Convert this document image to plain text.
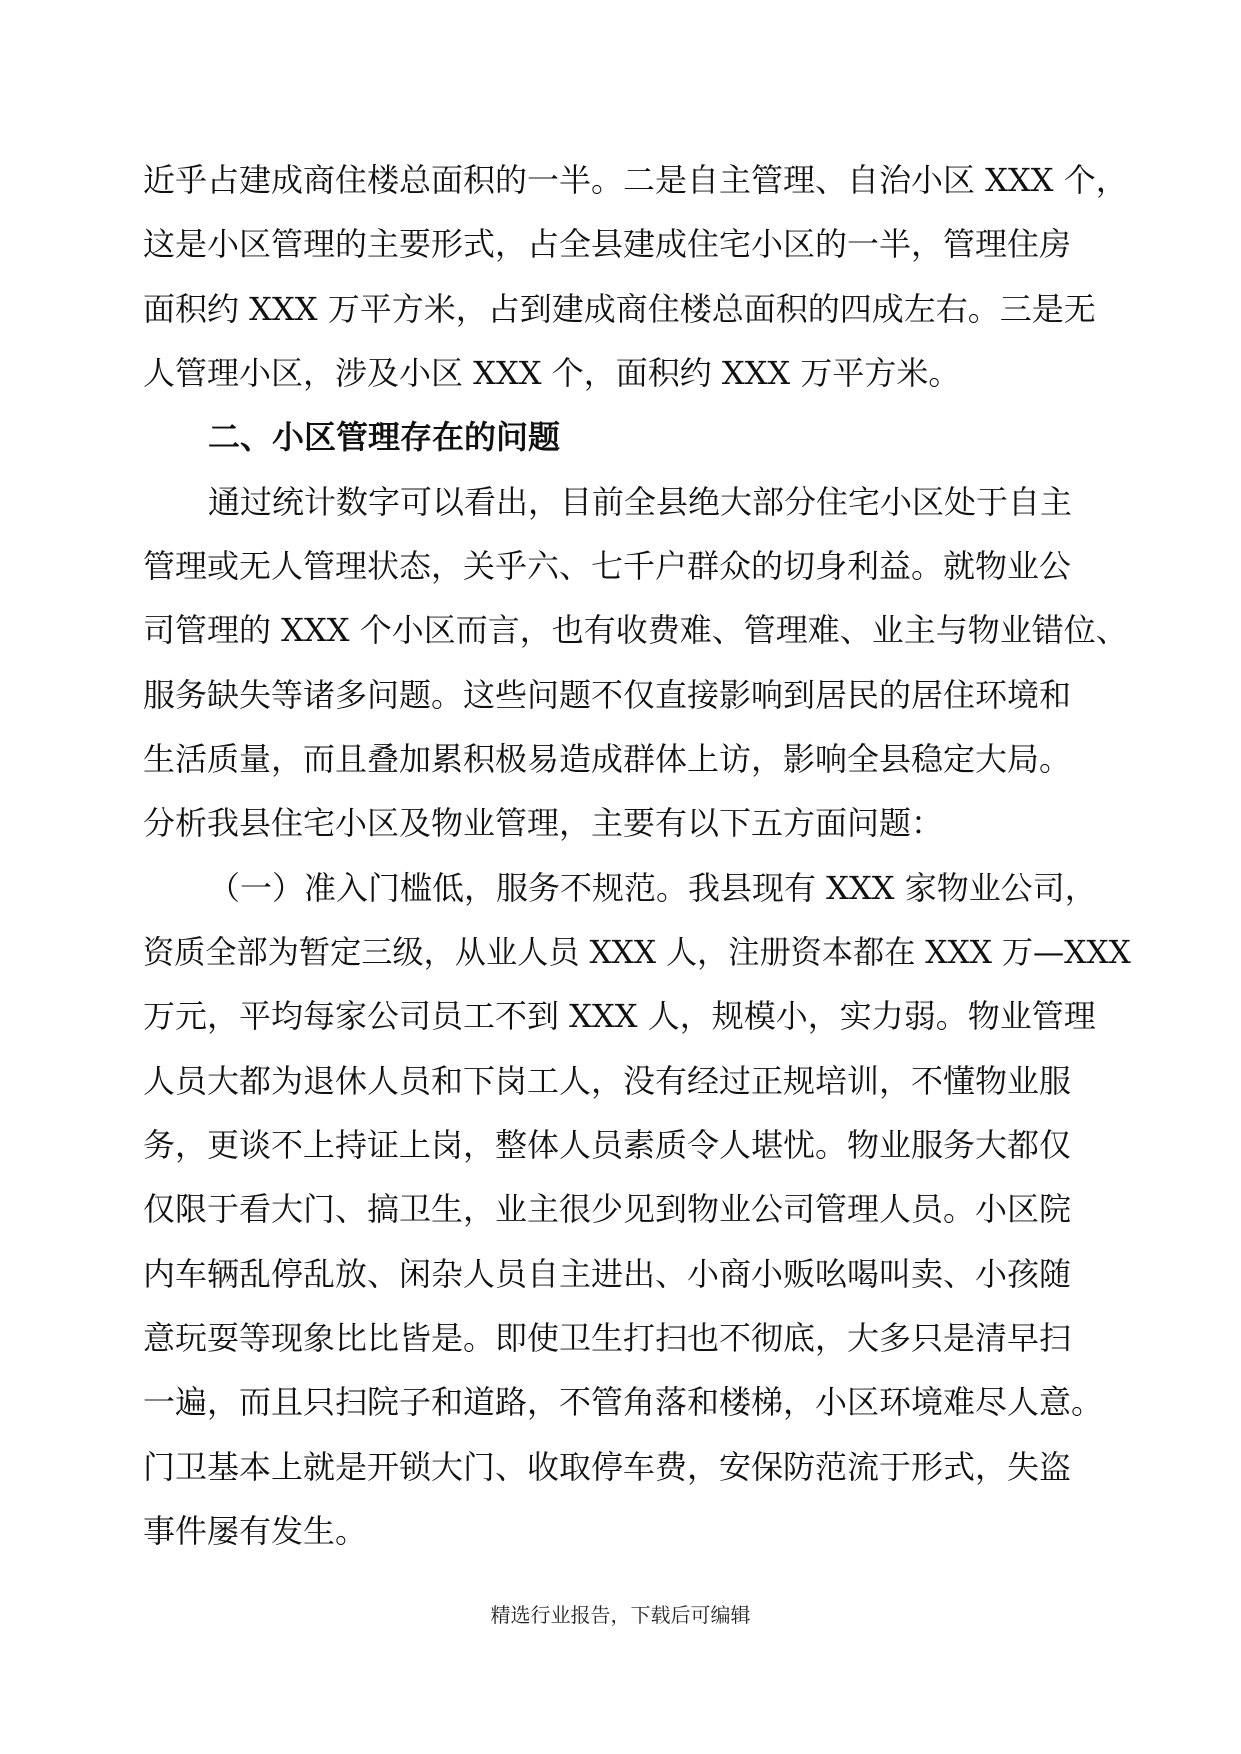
近乎占建成商住楼总面积的一半。二是自主管理、自治小区 XXX 个，

这是小区管理的主要形式，占全县建成住宅小区的一半，管理住房

面积约 XXX 万平方米，占到建成商住楼总面积的四成左右。三是无

人管理小区，涉及小区 XXX 个，面积约 XXX 万平方米。

二、小区管理存在的问题

通过统计数字可以看出，目前全县绝大部分住宅小区处于自主

管理或无人管理状态，关乎六、七千户群众的切身利益。就物业公

司管理的 XXX 个小区而言，也有收费难、管理难、业主与物业错位、

服务缺失等诸多问题。这些问题不仅直接影响到居民的居住环境和

生活质量，而且叠加累积极易造成群体上访，影响全县稳定大局。

分析我县住宅小区及物业管理，主要有以下五方面问题：

（一）准入门槛低，服务不规范。我县现有 XXX 家物业公司，

资质全部为暂定三级，从业人员 XXX 人，注册资本都在 XXX 万—XXX

万元，平均每家公司员工不到 XXX 人，规模小，实力弱。物业管理

人员大都为退休人员和下岗工人，没有经过正规培训，不懂物业服

务，更谈不上持证上岗，整体人员素质令人堪忧。物业服务大都仅

仅限于看大门、搞卫生，业主很少见到物业公司管理人员。小区院

内车辆乱停乱放、闲杂人员自主进出、小商小贩吆喝叫卖、小孩随

意玩耍等现象比比皆是。即使卫生打扫也不彻底，大多只是清早扫

一遍，而且只扫院子和道路，不管角落和楼梯，小区环境难尽人意。

门卫基本上就是开锁大门、收取停车费，安保防范流于形式，失盗

事件屡有发生。

精选行业报告，下载后可编辑
